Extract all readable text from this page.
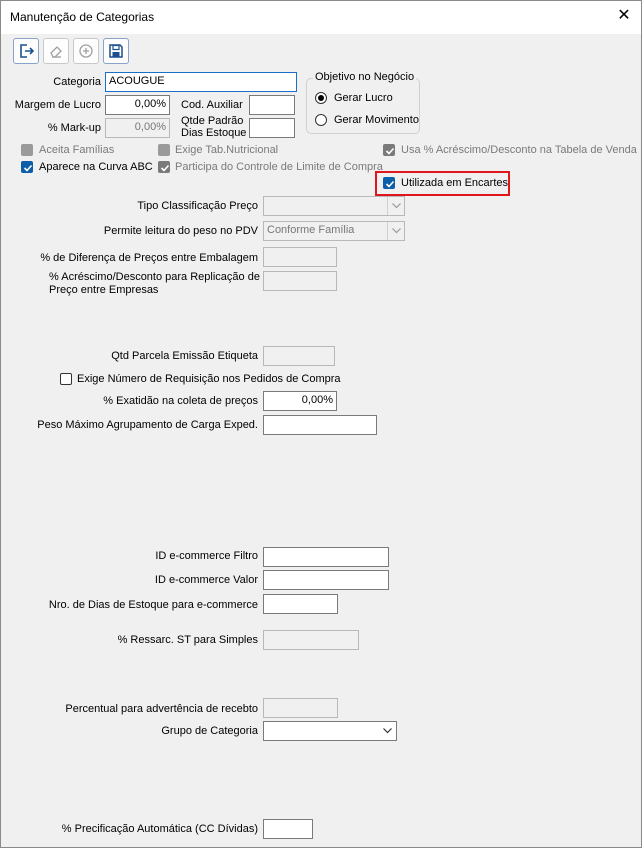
Manutenção de Categorias	✕
Categoria ACOUGUE
Margem de Lucro	0,00%
% Mark-up	0,00%
Cod. Auxiliar
Qtde Padrão
Dias Estoque
Objetivo no Negócio
Gerar Lucro
Gerar Movimento
Aceita Famílias	Exige Tab.Nutricional	Usa % Acréscimo/Desconto na Tabela de Venda
Aparece na Curva ABC Participa do Controle de Limite de Compra
Utilizada em Encartes
Tipo Classificação Preço
Permite leitura do peso no PDV Conforme Família
% de Diferença de Preços entre Embalagem
% Acréscimo/Desconto para Replicação de
Preço entre Empresas
Qtd Parcela Emissão Etiqueta
Exige Número de Requisição nos Pedidos de Compra
% Exatidão na coleta de preços	0,00%
Peso Máximo Agrupamento de Carga Exped.
ID e-commerce Filtro
ID e-commerce Valor
Nro. de Dias de Estoque para e-commerce
% Ressarc. ST para Simples
Percentual para advertência de recebto
Grupo de Categoria
% Precificação Automática (CC Dívidas)
